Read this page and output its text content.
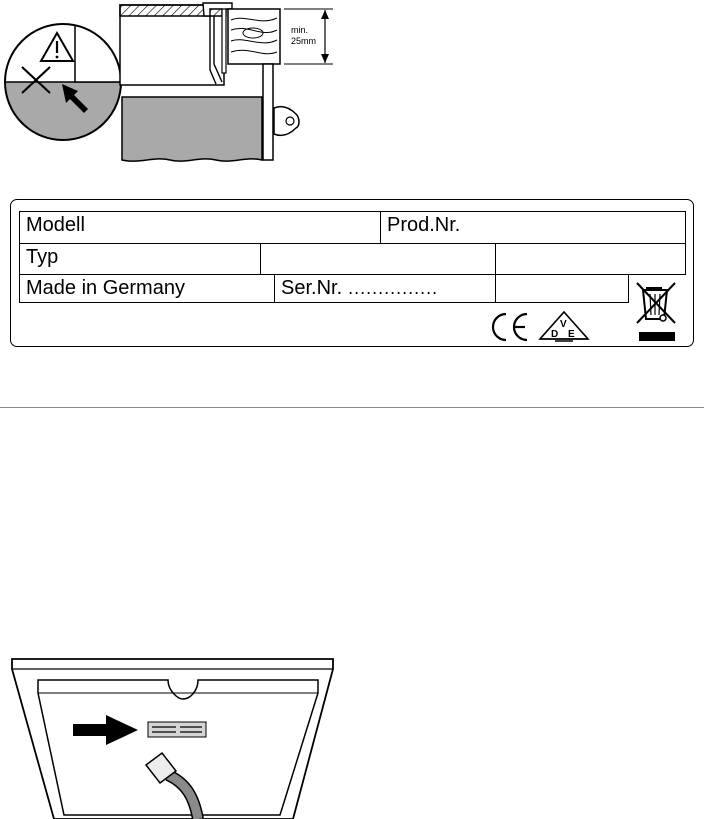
min.
25mm
Modell	Prod.Nr.
Typ
Made in Germany	Ser.Nr. ...............
V
D E
